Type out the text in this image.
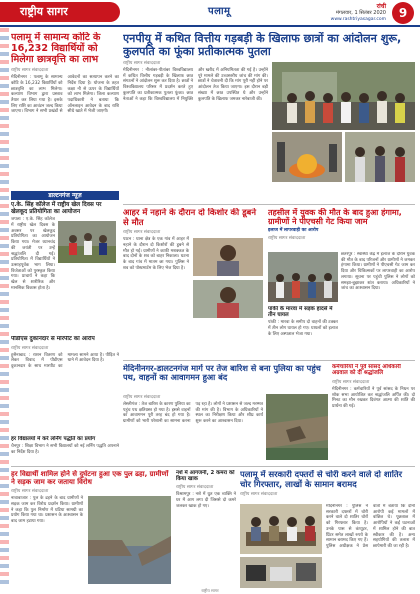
राष्ट्रीय सागर	पलामू	रांची
मंगलवार, 1 सितंबर 2020
www.rashtriyasagar.com	9
पलामू में सामान्य कोटि के 16,232 विद्यार्थियों को मिलेगा छात्रवृत्ति का लाभ
राष्ट्रीय सागर संवाददाता
मेदिनीनगर : पलामू के सामान्य कोटि के 16,232 विद्यार्थियों को छात्रवृत्ति का लाभ मिलेगा। कल्याण विभाग द्वारा प्रस्ताव तैयार कर लिया गया है। इसके लिए राशि का आवंटन जल्द किया जाएगा। विभाग ने सभी प्रखंडों से आवेदनों का सत्यापन करने का निर्देश दिया है। योजना के तहत कक्षा नौ से ऊपर के विद्यार्थियों को लाभ मिलेगा। जिला कल्याण पदाधिकारी ने बताया कि ऑनलाइन आवेदन के बाद राशि सीधे खाते में भेजी जाएगी।
डाल्टनगंज न्यूज़
ए.के. सिंह कॉलेज में राष्ट्रीय खेल दिवस पर खेलकूद प्रतियोगिता का आयोजन
जपला : ए.के. सिंह कॉलेज में राष्ट्रीय खेल दिवस के अवसर पर खेलकूद प्रतियोगिता का आयोजन किया गया। मेजर ध्यानचंद की जयंती पर उन्हें श्रद्धांजलि दी गई। प्रतियोगिता में विद्यार्थियों ने उत्साहपूर्वक भाग लिया। विजेताओं को पुरस्कृत किया गया। प्राचार्य ने कहा कि खेल से शारीरिक और मानसिक विकास होता है।
एनपीयू में कथित वित्तीय गड़बड़ी के खिलाफ छात्रों का आंदोलन शुरू, कुलपति का फूंका प्रतीकात्मक पुतला
राष्ट्रीय सागर संवाददाता
मेदिनीनगर : नीलांबर-पीतांबर विश्वविद्यालय में कथित वित्तीय गड़बड़ी के खिलाफ छात्र संगठनों ने आंदोलन शुरू कर दिया है। छात्रों ने विश्वविद्यालय परिसर में प्रदर्शन करते हुए कुलपति का प्रतीकात्मक पुतला फूंका। छात्र नेताओं ने कहा कि विश्वविद्यालय में नियुक्ति और खरीद में अनियमितता की गई है। उन्होंने पूरे मामले की उच्चस्तरीय जांच की मांग की। छात्रों ने चेतावनी दी कि मांग पूरी नहीं होने पर आंदोलन तेज किया जाएगा। इस दौरान बड़ी संख्या में छात्र उपस्थित थे और उन्होंने कुलपति के खिलाफ जमकर नारेबाजी की।
आहर में नहाने के दौरान दो किशोर की डूबने से मौत
राष्ट्रीय सागर संवाददाता
पाटन : थाना क्षेत्र के एक गांव में आहर में नहाने के दौरान दो किशोरों की डूबने से मौत हो गई। ग्रामीणों ने काफी मशक्कत के बाद दोनों के शव को बाहर निकाला। घटना के बाद गांव में मातम छा गया। पुलिस ने शव को पोस्टमार्टम के लिए भेज दिया है।
तहसील में युवक की मौत के बाद हुआ हंगामा, ग्रामीणों ने पीएचसी गेट किया जाम
इलाज में लापरवाही का आरोप
राष्ट्रीय सागर संवाददाता
छतरपुर : स्वास्थ्य केंद्र में इलाज के दौरान युवक की मौत के बाद परिजनों और ग्रामीणों ने जमकर हंगामा किया। ग्रामीणों ने पीएचसी गेट जाम कर दिया और चिकित्सकों पर लापरवाही का आरोप लगाया। सूचना पर पहुंची पुलिस ने लोगों को समझा-बुझाकर शांत कराया। अधिकारियों ने जांच का आश्वासन दिया।
पांकी के मारवा में सड़क हादसे में तीन घायल
पांकी : मारवा के समीप दो वाहनों की टक्कर में तीन लोग घायल हो गए। घायलों को इलाज के लिए अस्पताल भेजा गया।
पीडीएस दुकानदार से मारपीट का आरोप
राष्ट्रीय सागर संवाददाता
हुसैनाबाद : राशन वितरण को लेकर विवाद में पीडीएस दुकानदार के साथ मारपीट का मामला सामने आया है। पीड़ित ने थाने में आवेदन दिया है।
मेदिनीनगर-डालटनगंज मार्ग पर तेज बारिश से बना पुलिया का पहुंच पथ, वाहनों का आवागमन हुआ बंद
राष्ट्रीय सागर संवाददाता
लेस्लीगंज : तेज बारिश के कारण पुलिया का पहुंच पथ क्षतिग्रस्त हो गया है। इससे वाहनों का आवागमन पूरी तरह बंद हो गया है। ग्रामीणों को भारी परेशानी का सामना करना पड़ रहा है। लोगों ने प्रशासन से जल्द मरम्मत की मांग की है। विभाग के अधिकारियों ने स्थल का निरीक्षण किया और शीघ्र कार्य शुरू करने का आश्वासन दिया।
कर्मचारियों ने पूर्व सांसद अधिकारी अग्रवाल को दी श्रद्धांजलि
राष्ट्रीय सागर संवाददाता
मेदिनीनगर : कर्मचारियों ने पूर्व सांसद के निधन पर शोक सभा आयोजित कर श्रद्धांजलि अर्पित की। दो मिनट का मौन रखकर दिवंगत आत्मा की शांति की प्रार्थना की गई।
हर विद्यालयों में करें लर्निंग पद्धति का प्रयोग
चैनपुर : शिक्षा विभाग ने सभी विद्यालयों को नई लर्निंग पद्धति अपनाने का निर्देश दिया है।
हर विद्यार्थी शामिल होने से दुर्घटना हुआ एक पुल ढहा, ग्रामीणों ने सड़क जाम कर जताया विरोध
राष्ट्रीय सागर संवाददाता
नावाबाजार : पुल के ढहने के बाद ग्रामीणों ने सड़क जाम कर विरोध प्रदर्शन किया। ग्रामीणों ने कहा कि पुल निर्माण में घटिया सामग्री का प्रयोग किया गया था। प्रशासन के आश्वासन के बाद जाम हटाया गया।
नशे में आगजनी, 2 कमरा को किया खाक
राष्ट्रीय सागर संवाददाता
विश्रामपुर : नशे में धुत एक व्यक्ति ने घर में आग लगा दी जिससे दो कमरे जलकर खाक हो गए।
पलामू में सरकारी दफ्तरों से चोरी करने वाले दो शातिर चोर गिरफ्तार, लाखों के सामान बरामद
राष्ट्रीय सागर संवाददाता
मेदिनीनगर : पुलिस ने सरकारी दफ्तरों में चोरी करने वाले दो शातिर चोरों को गिरफ्तार किया है। उनके पास से कंप्यूटर, प्रिंटर समेत लाखों रुपये के सामान बरामद किए गए हैं। पुलिस अधीक्षक ने प्रेस वार्ता में बताया कि दोनों आरोपी कई मामलों में वांछित थे। पूछताछ में आरोपियों ने कई घटनाओं में शामिल होने की बात स्वीकार की है। अन्य सहयोगियों की तलाश में छापेमारी की जा रही है।
राष्ट्रीय सागर
